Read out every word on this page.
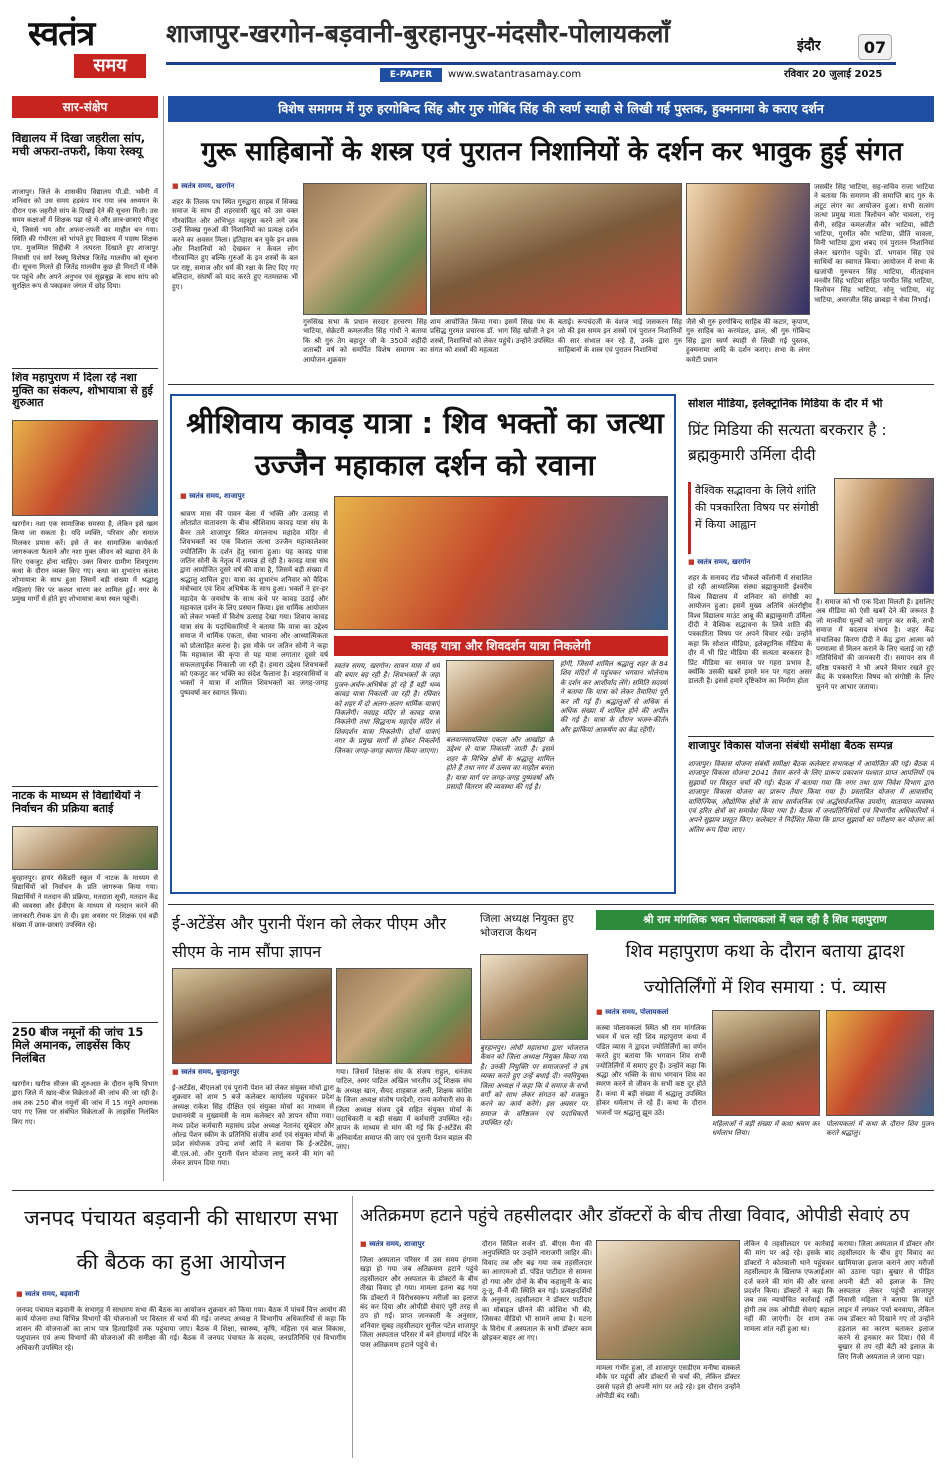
स्वतंत्र
समय
शाजापुर-खरगोन-बड़वानी-बुरहानपुर-मंदसौर-पोलायकलाँ	इंदौर	07
E-PAPER	www.swatantrasamay.com	रविवार 20 जुलाई 2025
सार-संक्षेप
विद्यालय में दिखा जहरीला सांप, मची अफरा-तफरी, किया रेस्क्यू
शाजापुर। जिले के शासकीय विद्यालय पी.डी. भवैनी में शनिवार को उस समय हड़कंप मच गया जब अध्ययन के दौरान एक जहरीले सांप के दिखाई देने की सूचना मिली। उस समय कक्षाओं में शिक्षक पढ़ा रहे थे और छात्र-छात्राएं मौजूद थे, जिससे भय और अफरा-तफरी का माहौल बन गया। स्थिति की गंभीरता को भांपते हुए विद्यालय में पदस्थ शिक्षक एम. मुजम्मिल सिद्दीकी ने तत्परता दिखाते हुए शाजापुर निवासी एवं सर्प रेस्क्यू विशेषज्ञ जितेंद्र मालवीय को सूचना दी। सूचना मिलते ही जितेंद्र मालवीय कुछ ही मिनटों में मौके पर पहुंचे और अपने अनुभव एवं सूझबूझ के साथ सांप को सुरक्षित रूप से पकड़कर जंगल में छोड़ दिया।
शिव महापुराण में दिला रहे नशा मुक्ति का संकल्प, शोभायात्रा से हुई शुरुआत
खरगोन। नशा एक सामाजिक समस्या है, लेकिन इसे खत्म किया जा सकता है। यदि व्यक्ति, परिवार और समाज मिलकर प्रयास करें। इसे ले कर सामाजिक कार्यकर्ता जागरूकता फैलाने और नशा मुक्त जीवन को बढ़ावा देने के लिए एकजुट होना चाहिए। उक्त विचार ग्रामीण शिवपुराण कथा के दौरान व्यक्त किए गए। कथा का शुभारंभ कलश शोभायात्रा के साथ हुआ जिसमें बड़ी संख्या में श्रद्धालु महिलाएं सिर पर कलश धारण कर शामिल हुईं। नगर के प्रमुख मार्गों से होते हुए शोभायात्रा कथा स्थल पहुंची।
नाटक के माध्यम से विद्यार्थियों ने निर्वाचन की प्रक्रिया बताई
बुरहानपुर। हायर सेकेंडरी स्कूल में नाटक के माध्यम से विद्यार्थियों को निर्वाचन के प्रति जागरूक किया गया। विद्यार्थियों ने मतदान की प्रक्रिया, मतदाता सूची, मतदान केंद्र की व्यवस्था और ईवीएम के माध्यम से मतदान करने की जानकारी रोचक ढंग से दी। इस अवसर पर शिक्षक एवं बड़ी संख्या में छात्र-छात्राएं उपस्थित रहे।
250 बीज नमूनों की जांच 15 मिले अमानक, लाइसेंस किए निलंबित
खरगोन। खरीफ सीजन की शुरुआत के दौरान कृषि विभाग द्वारा जिले में खाद-बीज विक्रेताओं की जांच की जा रही है। अब तक 250 बीज नमूनों की जांच में 15 नमूने अमानक पाए गए जिस पर संबंधित विक्रेताओं के लाइसेंस निलंबित किए गए।
विशेष समागम में गुरु हरगोबिन्द सिंह और गुरु गोबिंद सिंह की स्वर्ण स्याही से लिखी गई पुस्तक, हुक्मनामा के कराए दर्शन
गुरू साहिबानों के शस्त्र एवं पुरातन निशानियों के दर्शन कर भावुक हुई संगत
■ स्वतंत्र समय, खरगोन
शहर के तिलक पथ स्थित गुरुद्वारा साहब में सिक्ख समाज के साथ ही शहरवासी खुद को उस वक्त गौरवांवित और अभिभूत महसूस करने लगे जब उन्हें सिक्ख गुरुओं की निशानियों का प्रत्यक्ष दर्शन करने का अवसर मिला। इतिहास बन चुके इन शस्त्र और निशानियों को देखकर न केवल लोग गौरवान्वित हुए बल्कि गुरुओं के इन शस्त्रों के बल पर राष्ट्र, समाज और धर्म की रक्षा के लिए दिए गए बलिदान, संघर्षों को याद करते हुए नतमस्तक भी हुए।
गुरुसिख सभा के प्रधान सरदार हरचरण सिंह भाटिया, सेक्रेटरी कमलजीत सिंह गांधी ने बताया कि श्री गुरु तेग बहादुर जी के 350वें शहीदी शताब्दी वर्ष को समर्पित विशेष समागम का आयोजन शुक्रवार
शाम आयोजित किया गया। इसमें सिख पंथ के प्रसिद्ध गुरमत प्रचारक डॉ. भाग सिंह खोजी ने इन शस्त्रों, निशानियों को लेकर पहुंचे। उन्होंने उपस्थित संगत को शस्त्रों की महत्वता
बताई। रूपचंदजी के वंशज भाई जसकरन सिंह जो की इस समय इन शस्त्रों एवं पुरातन निशानियों की सार संभाल कर रहे हैं, उनके द्वारा गुरु साहिबानों के शस्त्र एवं पुरातन निशानियां
जैसे श्री गुरु हरगोबिन्द साहिब की कटार, कृपाण, गुरु साहिब का करमंडल, ढाल, श्री गुरु गोबिन्द सिंह द्वारा स्वर्ण स्याही से लिखी गई पुस्तक, हुक्मनामा आदि के दर्शन कराए। सभा के लंगर कमेटी प्रधान
जसवीर सिंह भाटिया, सह-सचिव राजा भाटिया ने बताया कि समागम की समाप्ति बाद गुरु के अटूट लंगर का आयोजन हुआ। सभी सत्संग जत्था प्रमुख माता त्रिलोचन कौर चावला, रानू सैनी, सहित कमलजीत कौर भाटिया, स्वीटी भाटिया, गुरमीत कौर भाटिया, प्रीति चावला, मिनी भाटिया द्वारा शबद एवं पुरातन निशानियां लेकर खरगोन पहुंचे। डॉ. भगवान सिंह एवं साथियों का स्वागत किया। आयोजन में सभा के खजांची गुरुचरन सिंह भाटिया, मीतइंचान मनवीर सिंह भाटिया सहित परमीत सिंह भाटिया, त्रिलोचन सिंह भाटिया, सोनू भाटिया, मंटू भाटिया, अमरजीत सिंह छाबड़ा ने सेवा निभाई।
श्रीशिवाय कावड़ यात्रा : शिव भक्तों का जत्था उज्जैन महाकाल दर्शन को रवाना
■ स्वतंत्र समय, शाजापुर
श्रावण मास की पावन बेला में भक्ति और उत्साह से ओतप्रोत वातावरण के बीच श्रीशिवाय कावड़ यात्रा संघ के बैनर तले शाजापुर स्थित मंगलनाथ महादेव मंदिर से शिवभक्तों का एक विशाल जत्था उज्जैन महाकालेश्वर ज्योतिर्लिंग के दर्शन हेतु रवाना हुआ। यह कावड़ यात्रा जतिन सोनी के नेतृत्व में सम्पन्न हो रही है। कावड़ यात्रा संघ द्वारा आयोजित दूसरे वर्ष की यात्रा है, जिसमें बड़ी संख्या में श्रद्धालु शामिल हुए। यात्रा का शुभारंभ शनिवार को वैदिक मंत्रोच्चार एवं शिव अभिषेक के साथ हुआ। भक्तों ने हर-हर महादेव के जयघोष के साथ कंधे पर कावड़ उठाई और महाकाल दर्शन के लिए प्रस्थान किया। इस धार्मिक आयोजन को लेकर भक्तों में विशेष उत्साह देखा गया। शिवाय कावड़ यात्रा संघ के पदाधिकारियों ने बताया कि यात्रा का उद्देश्य समाज में धार्मिक एकता, सेवा भावना और आध्यात्मिकता को प्रोत्साहित करना है। इस मौके पर जतिन सोनी ने कहा कि महाकाल की कृपा से यह यात्रा लगातार दूसरे वर्ष सफलतापूर्वक निकाली जा रही है। हमारा उद्देश्य शिवभक्तों को एकजुट कर भक्ति का संदेश फैलाना है। शहरवासियों व भक्तों ने यात्रा में शामिल शिवभक्तों का जगह-जगह पुष्पवर्षा कर स्वागत किया।
कावड़ यात्रा और शिवदर्शन यात्रा निकलेगी
स्वतंत्र समय, खरगोन। सावन मास में धर्म की बयार बह रही है। शिवभक्तों के जहां पूजन-अर्चन-अभिषेक हो रहे हैं वहीं भव्य कावड़ यात्रा निकाली जा रही है। रविवार को शहर में दो अलग-अलग धार्मिक यात्राएं निकलेंगी। नवग्रह मंदिर से कावड़ यात्रा निकलेगी तथा सिद्धनाथ महादेव मंदिर से शिवदर्शन यात्रा निकलेगी। दोनों यात्राएं नगर के प्रमुख मार्गों से होकर निकलेंगी जिनका जगह-जगह स्वागत किया जाएगा।
बलवानसावलिया एकता और आखोड़ा के उद्देश्य से यात्रा निकाली जाती है। इसमें शहर के विभिन्न क्षेत्रों के श्रद्धालु शामिल होते हैं तथा नगर में उत्सव का माहौल बनता है। यात्रा मार्ग पर जगह-जगह पुष्पवर्षा और प्रसादी वितरण की व्यवस्था की गई है।
होगी, जिसमें शामिल श्रद्धालु शहर के 84 शिव मंदिरों में पहुंचकर भगवान भोलेनाथ के दर्शन कर आशीर्वाद लेंगे। समिति सदस्यों ने बताया कि यात्रा को लेकर तैयारियां पूरी कर ली गई हैं। श्रद्धालुओं से अधिक से अधिक संख्या में शामिल होने की अपील की गई है। यात्रा के दौरान भजन-कीर्तन और झांकियां आकर्षण का केंद्र रहेंगी।
सोशल मीडिया, इलेक्ट्रानिक मिडिया के दौर में भी
प्रिंट मिडिया की सत्यता बरकरार है : ब्रह्मकुमारी उर्मिला दीदी
वैश्विक सद्भावना के लिये शांति की पत्रकारिता विषय पर संगोष्ठी में किया आह्वान
■ स्वतंत्र समय, खरगोन
शहर के सनावद रोड भौकले कॉलोनी में संचालित हो रही आध्यात्मिक संस्था ब्रह्माकुमारी ईश्वरीय विश्व विद्यालय में शनिवार को संगोष्ठी का आयोजन हुआ। इसमें मुख्य अतिथि अंतर्राष्ट्रीय विश्व विद्यालय माउंट आबू की ब्रह्माकुमारी उर्मिला दीदी ने वैश्विक सद्भावना के लिये शांति की पत्रकारिता विषय पर अपने विचार रखे। उन्होंने कहा कि सोशल मीडिया, इलेक्ट्रानिक मीडिया के दौर में भी प्रिंट मीडिया की सत्यता बरकरार है। प्रिंट मीडिया का समाज पर गहरा प्रभाव है, क्योंकि उसकी खबरें हमारे मन पर गहरा असर डालती हैं। इससे हमारे दृष्टिकोण का निर्माण होता
है। समाज को भी एक दिशा मिलती है। इसलिए अब मीडिया को ऐसी खबरें देने की जरूरत है जो मानवीय मूल्यों को जागृत कर सकें, सभी समाज में बदलाव संभव है। शहर केंद्र संचालिका किरण दीदी ने केंद्र द्वारा आत्मा को परमात्मा से मिलन कराने के लिए चलाई जा रही गतिविधियों की जानकारी दी। समापन सत्र में वरिष्ठ पत्रकारों ने भी अपने विचार रखते हुए केंद्र के पत्रकारिता विषय को संगोष्ठी के लिए चुनने पर आभार जताया।
शाजापुर विकास योजना संबंधी समीक्षा बैठक सम्पन्न
शाजापुर। विकास योजना संबंधी समीक्षा बैठक कलेक्टर सभाकक्ष में आयोजित की गई। बैठक में शाजापुर विकास योजना 2041 तैयार करने के लिए प्रारूप प्रकाशन पश्चात प्राप्त आपत्तियों एवं सुझावों पर विस्तृत चर्चा की गई। बैठक में बताया गया कि नगर तथा ग्राम निवेश विभाग द्वारा शाजापुर विकास योजना का प्रारूप तैयार किया गया है। प्रस्तावित योजना में आवासीय, वाणिज्यिक, औद्योगिक क्षेत्रों के साथ सार्वजनिक एवं अर्द्धसार्वजनिक उपयोग, यातायात व्यवस्था एवं हरित क्षेत्रों का समावेश किया गया है। बैठक में जनप्रतिनिधियों एवं विभागीय अधिकारियों ने अपने सुझाव प्रस्तुत किए। कलेक्टर ने निर्देशित किया कि प्राप्त सुझावों का परीक्षण कर योजना को अंतिम रूप दिया जाए।
ई-अटेंडेंस और पुरानी पेंशन को लेकर पीएम और सीएम के नाम सौंपा ज्ञापन
■ स्वतंत्र समय, बुरहानपुर
ई-अटेंडेंस, बीएलओ एवं पुरानी पेंशन को लेकर संयुक्त मोर्चा द्वारा शुक्रवार को शाम 5 बजे कलेक्टर कार्यालय पहुंचकर प्रदेश अध्यक्ष राकेश सिंह दीक्षित एवं संयुक्त मोर्चा का माध्यम से प्रधानमंत्री व मुख्यमंत्री के नाम कलेक्टर को ज्ञापन सौंपा गया। मध्य प्रदेश कर्मचारी महासंघ प्रदेश अध्यक्ष नेतानंद सूबेदार और ओल्ड पेंशन स्कीम के प्रतिनिधि संजीव शर्मा एवं संयुक्त मोर्चा के प्रदेश संयोजक उपेन्द्र शर्मा आदि ने बताया कि ई-अटेंडेंस, बी.एल.ओ. और पुरानी पेंशन योजना लागू करने की मांग को लेकर ज्ञापन दिया गया।
गया। जिसमें शिक्षक संघ के संजय राहुल, धनंजय पाटिल, अमर पाटिल अखिल भारतीय उर्दू शिक्षक संघ के अध्यक्ष खान, सैयद शाहबाज अली, शिक्षक कांग्रेस के जिला अध्यक्ष संतोष परदेशी, राज्य कर्मचारी संघ के जिला अध्यक्ष संजय दुबे सहित संयुक्त मोर्चा के पदाधिकारी व बड़ी संख्या में कर्मचारी उपस्थित रहे। ज्ञापन के माध्यम से मांग की गई कि ई-अटेंडेंस की अनिवार्यता समाप्त की जाए एवं पुरानी पेंशन बहाल की जाए।
जिला अध्यक्ष नियुक्त हुए भोजराज कैथन
बुरहानपुर। लोधी महासभा द्वारा भोजराज कैथन को जिला अध्यक्ष नियुक्त किया गया है। उनकी नियुक्ति पर समाजजनों ने हर्ष व्यक्त करते हुए उन्हें बधाई दी। नवनियुक्त जिला अध्यक्ष ने कहा कि वे समाज के सभी वर्गों को साथ लेकर संगठन को मजबूत करने का कार्य करेंगे। इस अवसर पर समाज के वरिष्ठजन एवं पदाधिकारी उपस्थित रहे।
श्री राम मांगलिक भवन पोलायकलां में चल रही है शिव महापुराण
शिव महापुराण कथा के दौरान बताया द्वादश ज्योतिर्लिंगों में शिव समाया : पं. व्यास
■ स्वतंत्र समय, पोलायकलां
कस्बा पोलायकलां स्थित श्री राम मांगलिक भवन में चल रही शिव महापुराण कथा में पंडित व्यास ने द्वादश ज्योतिर्लिंगों का वर्णन करते हुए बताया कि भगवान शिव सभी ज्योतिर्लिंगों में समाए हुए हैं। उन्होंने कहा कि श्रद्धा और भक्ति के साथ भगवान शिव का स्मरण करने से जीवन के सभी कष्ट दूर होते हैं। कथा में बड़ी संख्या में श्रद्धालु उपस्थित होकर धर्मलाभ ले रहे हैं। कथा के दौरान भजनों पर श्रद्धालु झूम उठे।
महिलाओं ने बड़ी संख्या में कथा श्रवण कर धर्मलाभ लिया।
पोलायकलां में कथा के दौरान शिव पूजन करते श्रद्धालु।
जनपद पंचायत बड़वानी की साधारण सभा की बैठक का हुआ आयोजन
■ स्वतंत्र समय, बड़वानी
जनपद पंचायत बड़वानी के सभागृह में साधारण सभा की बैठक का आयोजन शुक्रवार को किया गया। बैठक में पांचवें वित्त आयोग की कार्य योजना तथा विभिन्न विभागों की योजनाओं पर विस्तार से चर्चा की गई। जनपद अध्यक्ष ने विभागीय अधिकारियों से कहा कि शासन की योजनाओं का लाभ पात्र हितग्राहियों तक पहुंचाया जाए। बैठक में शिक्षा, स्वास्थ्य, कृषि, महिला एवं बाल विकास, पशुपालन एवं अन्य विभागों की योजनाओं की समीक्षा की गई। बैठक में जनपद पंचायत के सदस्य, जनप्रतिनिधि एवं विभागीय अधिकारी उपस्थित रहे।
अतिक्रमण हटाने पहुंचे तहसीलदार और डॉक्टरों के बीच तीखा विवाद, ओपीडी सेवाएं ठप
■ स्वतंत्र समय, शाजापुर
जिला अस्पताल परिसर में उस समय हंगामा खड़ा हो गया जब अतिक्रमण हटाने पहुंचे तहसीलदार और अस्पताल के डॉक्टरों के बीच तीखा विवाद हो गया। मामला इतना बढ़ गया कि डॉक्टरों ने विरोधस्वरूप मरीजों का इलाज बंद कर दिया और ओपीडी सेवाएं पूरी तरह से ठप हो गईं। प्राप्त जानकारी के अनुसार, शनिवार सुबह तहसीलदार सुनील पटेल शाजापुर जिला अस्पताल परिसर में बने होमगार्ड मंदिर के पास अतिक्रमण हटाने पहुंचे थे।
दौरान सिविल सर्जन डॉ. बीएस मैना की अनुपस्थिति पर उन्होंने नाराजगी जाहिर की। विवाद तब और बढ़ गया जब तहसीलदार का आरएमओ डॉ. पंडित पाटीदार से सामना हो गया और दोनों के बीच कहासुनी के बाद तू-तू, मैं-मैं की स्थिति बन गई। प्रत्यक्षदर्शियों के अनुसार, तहसीलदार ने डॉक्टर पाटीदार का मोबाइल छीनने की कोशिश भी की, जिसका वीडियो भी सामने आया है। घटना के विरोध में अस्पताल के सभी डॉक्टर काम छोड़कर बाहर आ गए।
मामला गंभीर हुआ, तो शाजापुर एसडीएम मनीषा वास्कले मौके पर पहुंचीं और डॉक्टरों से चर्चा की, लेकिन डॉक्टर उससे पहले ही अपनी मांग पर अड़े रहे। इस दौरान उन्होंने ओपीडी बंद रखी।
लेकिन वे तहसीलदार पर कार्रवाई की मांग पर अड़े रहे। इसके बाद डॉक्टरों ने कोतवाली थाने पहुंचकर तहसीलदार के खिलाफ एफआईआर दर्ज करने की मांग की और धरना प्रदर्शन किया। डॉक्टरों ने कहा कि जब तक न्यायोचित कार्रवाई नहीं होगी तब तक ओपीडी सेवाएं बहाल नहीं की जाएंगी। देर शाम तक मामला शांत नहीं हुआ था।
कराया। जिला अस्पताल में डॉक्टर और तहसीलदार के बीच हुए विवाद का खामियाजा इलाज कराने आए मरीजों को उठाना पड़ा। बुखार से पीड़ित अपनी बेटी को इलाज के लिए अस्पताल लेकर पहुंची शाजापुर निवासी महिला ने बताया कि घंटों लाइन में लगकर पर्चा बनवाया, लेकिन जब डॉक्टर को दिखाने गए तो उन्होंने हड़ताल का कारण बताकर इलाज करने से इनकार कर दिया। ऐसे में बुखार से तप रही बेटी को इलाज के लिए निजी अस्पताल ले जाना पड़ा।
